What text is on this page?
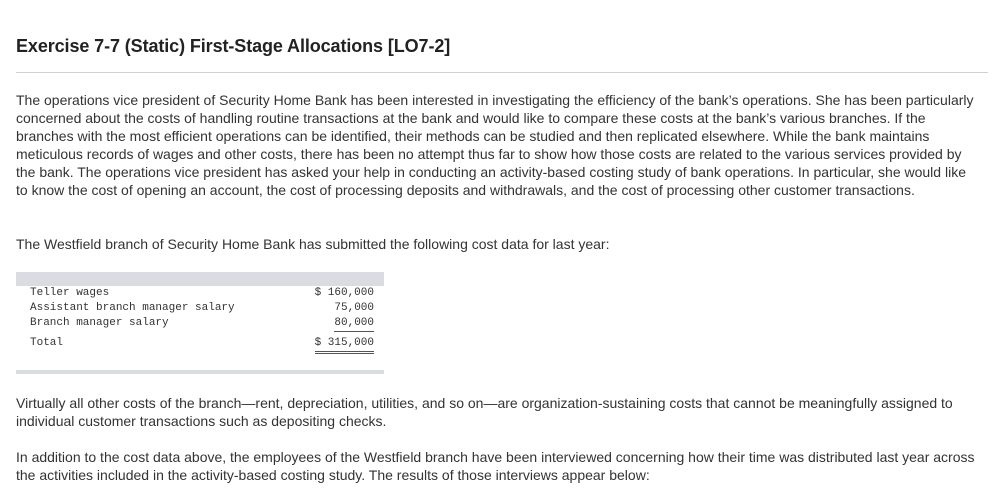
Exercise 7-7 (Static) First-Stage Allocations [LO7-2]

The operations vice president of Security Home Bank has been interested in investigating the efficiency of the bank’s operations. She has been particularly concerned about the costs of handling routine transactions at the bank and would like to compare these costs at the bank’s various branches. If the branches with the most efficient operations can be identified, their methods can be studied and then replicated elsewhere. While the bank maintains meticulous records of wages and other costs, there has been no attempt thus far to show how those costs are related to the various services provided by the bank. The operations vice president has asked your help in conducting an activity-based costing study of bank operations. In particular, she would like to know the cost of opening an account, the cost of processing deposits and withdrawals, and the cost of processing other customer transactions.

The Westfield branch of Security Home Bank has submitted the following cost data for last year:

Teller wages	$ 160,000
Assistant branch manager salary	75,000
Branch manager salary	80,000
Total	$ 315,000

Virtually all other costs of the branch—rent, depreciation, utilities, and so on—are organization-sustaining costs that cannot be meaningfully assigned to individual customer transactions such as depositing checks.

In addition to the cost data above, the employees of the Westfield branch have been interviewed concerning how their time was distributed last year across the activities included in the activity-based costing study. The results of those interviews appear below:
